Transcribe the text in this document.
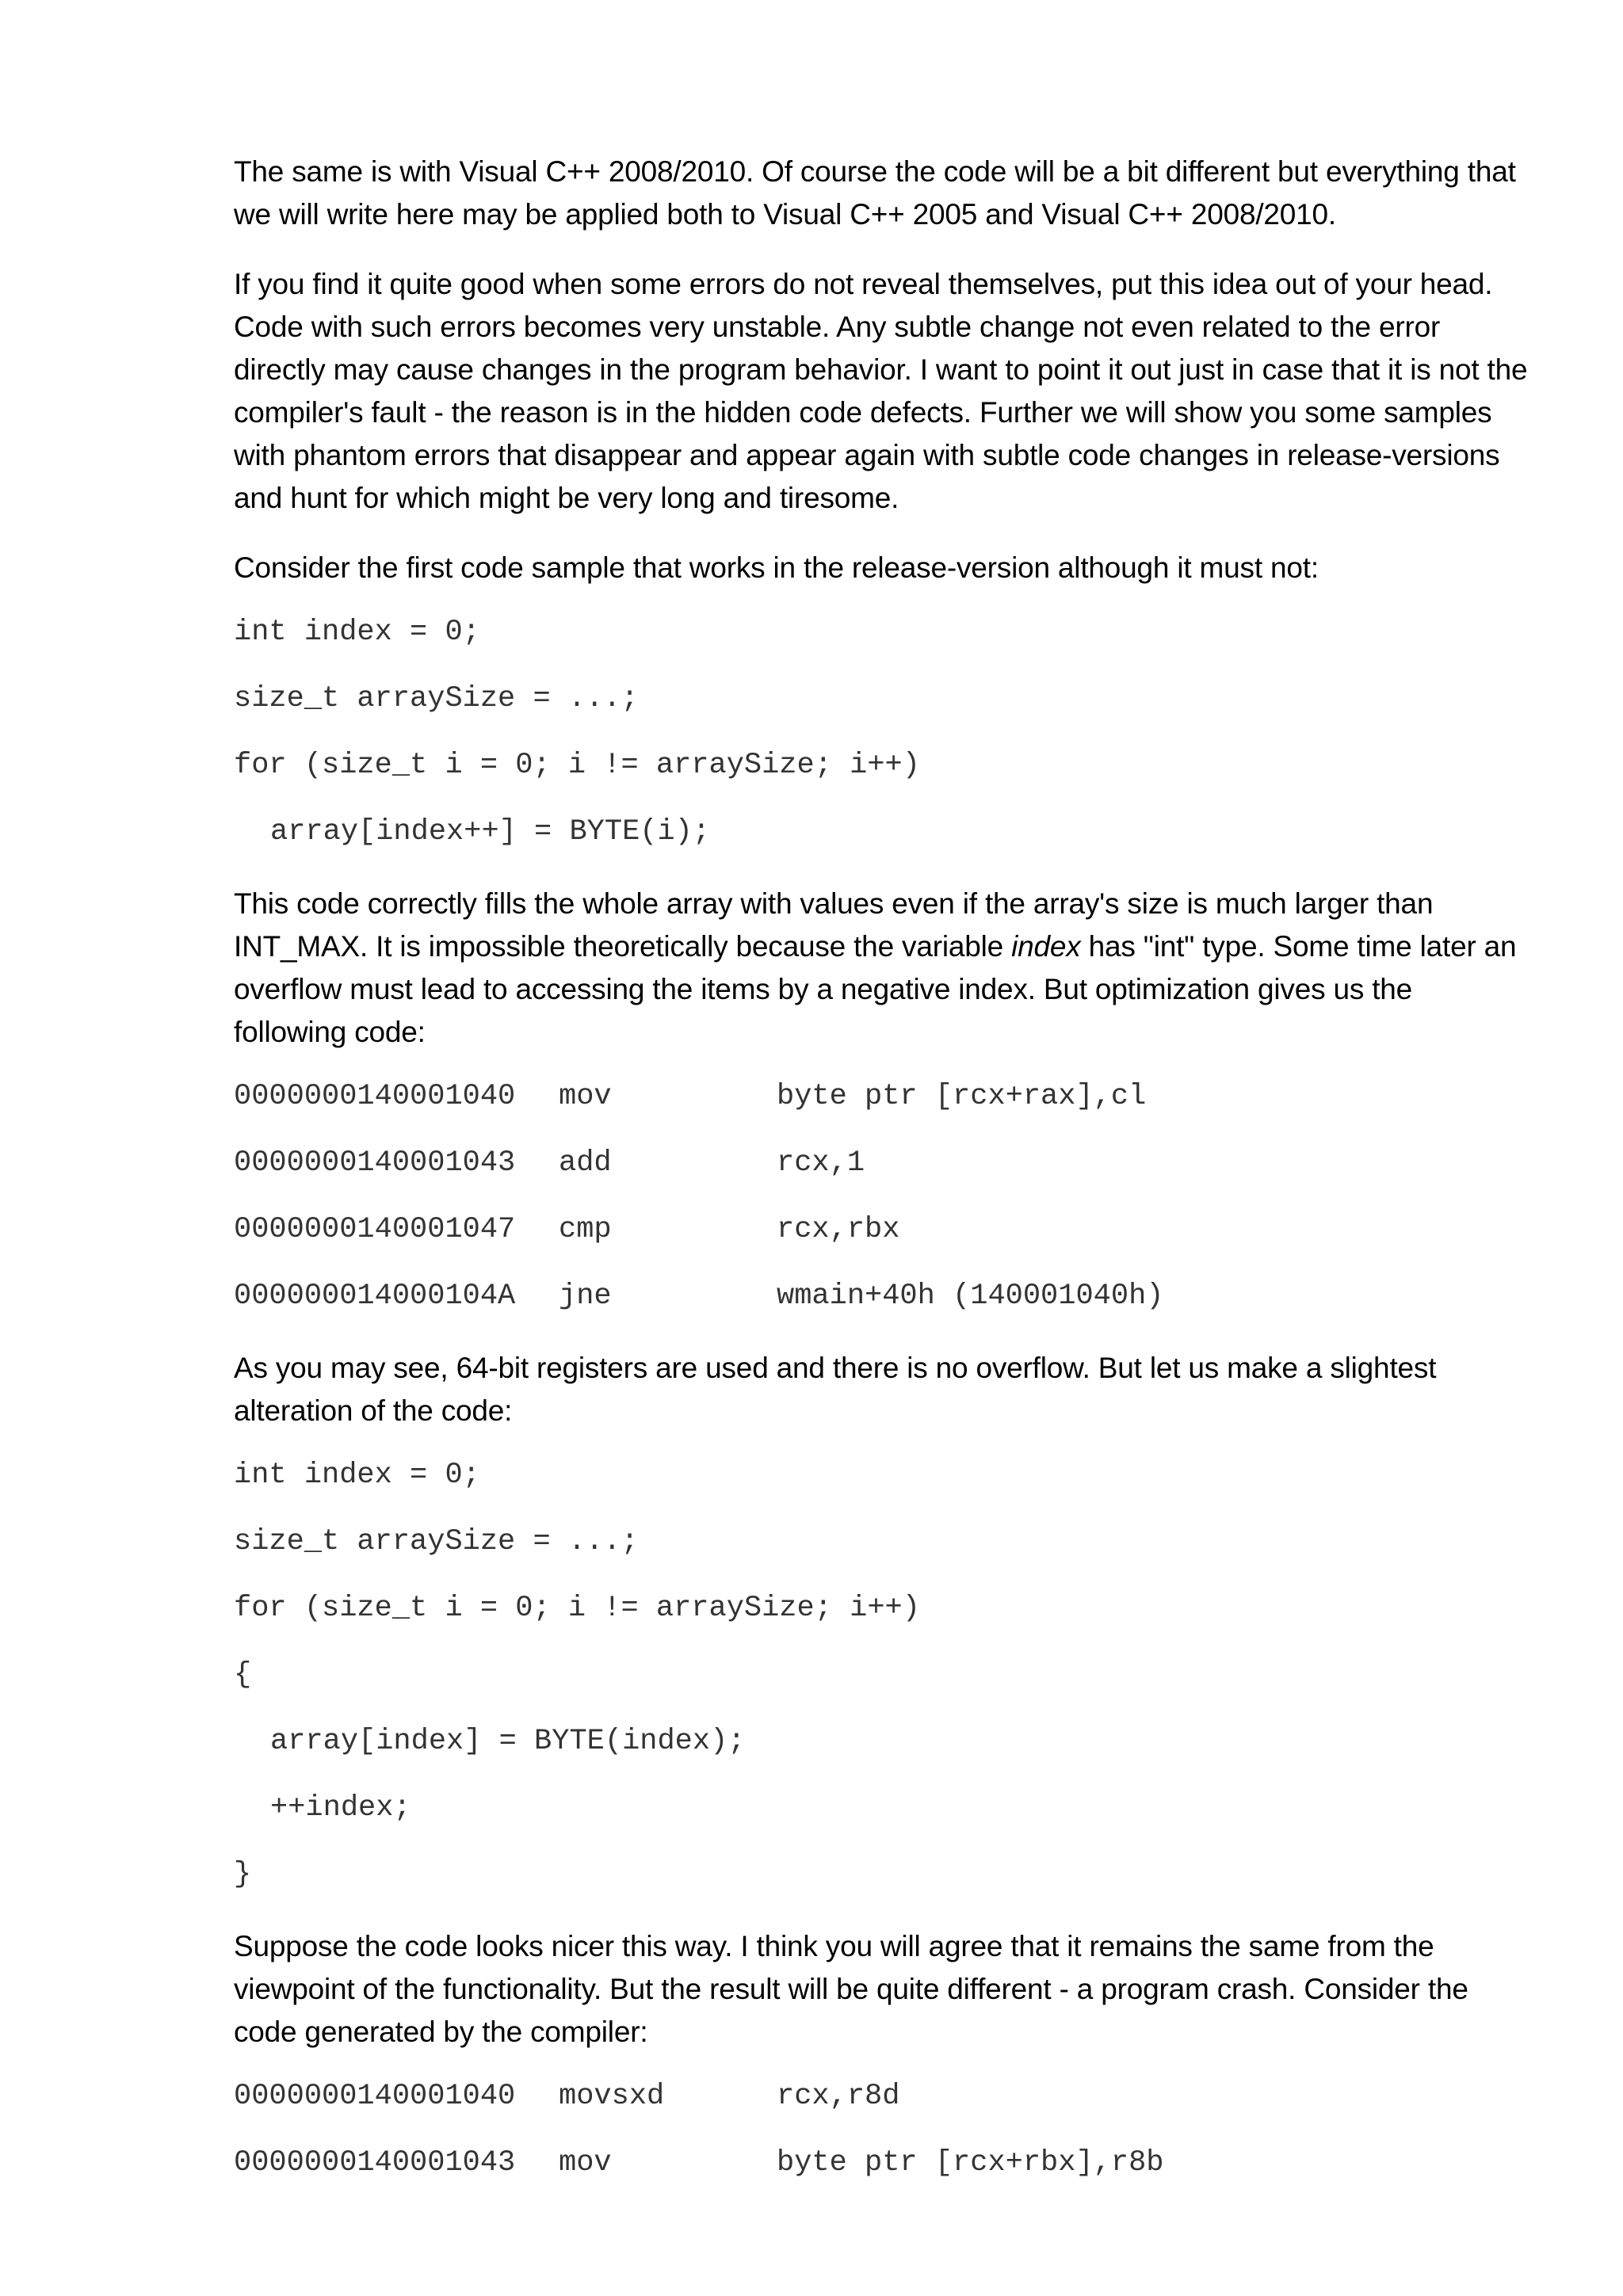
The same is with Visual C++ 2008/2010. Of course the code will be a bit different but everything that we will write here may be applied both to Visual C++ 2005 and Visual C++ 2008/2010.

If you find it quite good when some errors do not reveal themselves, put this idea out of your head. Code with such errors becomes very unstable. Any subtle change not even related to the error directly may cause changes in the program behavior. I want to point it out just in case that it is not the compiler's fault - the reason is in the hidden code defects. Further we will show you some samples with phantom errors that disappear and appear again with subtle code changes in release-versions and hunt for which might be very long and tiresome.

Consider the first code sample that works in the release-version although it must not:

int index = 0;
size_t arraySize = ...;
for (size_t i = 0; i != arraySize; i++)
array[index++] = BYTE(i);

This code correctly fills the whole array with values even if the array's size is much larger than INT_MAX. It is impossible theoretically because the variable index has "int" type. Some time later an overflow must lead to accessing the items by a negative index. But optimization gives us the following code:

0000000140001040	mov	byte ptr [rcx+rax],cl
0000000140001043	add	rcx,1
0000000140001047	cmp	rcx,rbx
000000014000104A	jne	wmain+40h (140001040h)

As you may see, 64-bit registers are used and there is no overflow. But let us make a slightest alteration of the code:

int index = 0;
size_t arraySize = ...;
for (size_t i = 0; i != arraySize; i++)
{
array[index] = BYTE(index);
++index;
}

Suppose the code looks nicer this way. I think you will agree that it remains the same from the viewpoint of the functionality. But the result will be quite different - a program crash. Consider the code generated by the compiler:

0000000140001040	movsxd	rcx,r8d
0000000140001043	mov	byte ptr [rcx+rbx],r8b
